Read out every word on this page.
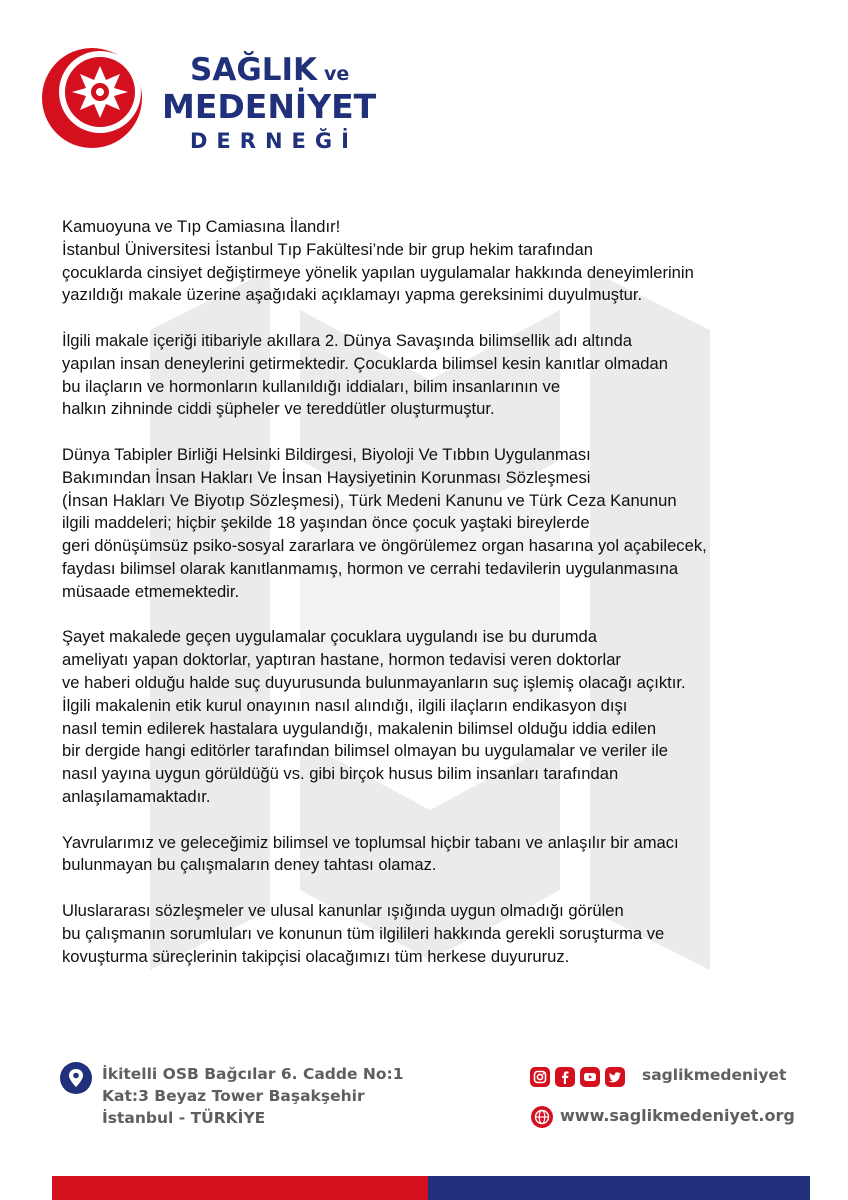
SAĞLIK ve
MEDENİYET
DERNEĞİ
Kamuoyuna ve Tıp Camiasına İlandır!
İstanbul Üniversitesi İstanbul Tıp Fakültesi’nde bir grup hekim tarafından
çocuklarda cinsiyet değiştirmeye yönelik yapılan uygulamalar hakkında deneyimlerinin
yazıldığı makale üzerine aşağıdaki açıklamayı yapma gereksinimi duyulmuştur.
İlgili makale içeriği itibariyle akıllara 2. Dünya Savaşında bilimsellik adı altında
yapılan insan deneylerini getirmektedir. Çocuklarda bilimsel kesin kanıtlar olmadan
bu ilaçların ve hormonların kullanıldığı iddiaları, bilim insanlarının ve
halkın zihninde ciddi şüpheler ve tereddütler oluşturmuştur.
Dünya Tabipler Birliği Helsinki Bildirgesi, Biyoloji Ve Tıbbın Uygulanması
Bakımından İnsan Hakları Ve İnsan Haysiyetinin Korunması Sözleşmesi
(İnsan Hakları Ve Biyotıp Sözleşmesi), Türk Medeni Kanunu ve Türk Ceza Kanunun
ilgili maddeleri; hiçbir şekilde 18 yaşından önce çocuk yaştaki bireylerde
geri dönüşümsüz psiko-sosyal zararlara ve öngörülemez organ hasarına yol açabilecek,
faydası bilimsel olarak kanıtlanmamış, hormon ve cerrahi tedavilerin uygulanmasına
müsaade etmemektedir.
Şayet makalede geçen uygulamalar çocuklara uygulandı ise bu durumda
ameliyatı yapan doktorlar, yaptıran hastane, hormon tedavisi veren doktorlar
ve haberi olduğu halde suç duyurusunda bulunmayanların suç işlemiş olacağı açıktır.
İlgili makalenin etik kurul onayının nasıl alındığı, ilgili ilaçların endikasyon dışı
nasıl temin edilerek hastalara uygulandığı, makalenin bilimsel olduğu iddia edilen
bir dergide hangi editörler tarafından bilimsel olmayan bu uygulamalar ve veriler ile
nasıl yayına uygun görüldüğü vs. gibi birçok husus bilim insanları tarafından
anlaşılamamaktadır.
Yavrularımız ve geleceğimiz bilimsel ve toplumsal hiçbir tabanı ve anlaşılır bir amacı
bulunmayan bu çalışmaların deney tahtası olamaz.
Uluslararası sözleşmeler ve ulusal kanunlar ışığında uygun olmadığı görülen
bu çalışmanın sorumluları ve konunun tüm ilgilileri hakkında gerekli soruşturma ve
kovuşturma süreçlerinin takipçisi olacağımızı tüm herkese duyururuz.
İkitelli OSB Bağcılar 6. Cadde No:1
Kat:3 Beyaz Tower Başakşehir
İstanbul - TÜRKİYE
saglikmedeniyet
www.saglikmedeniyet.org
